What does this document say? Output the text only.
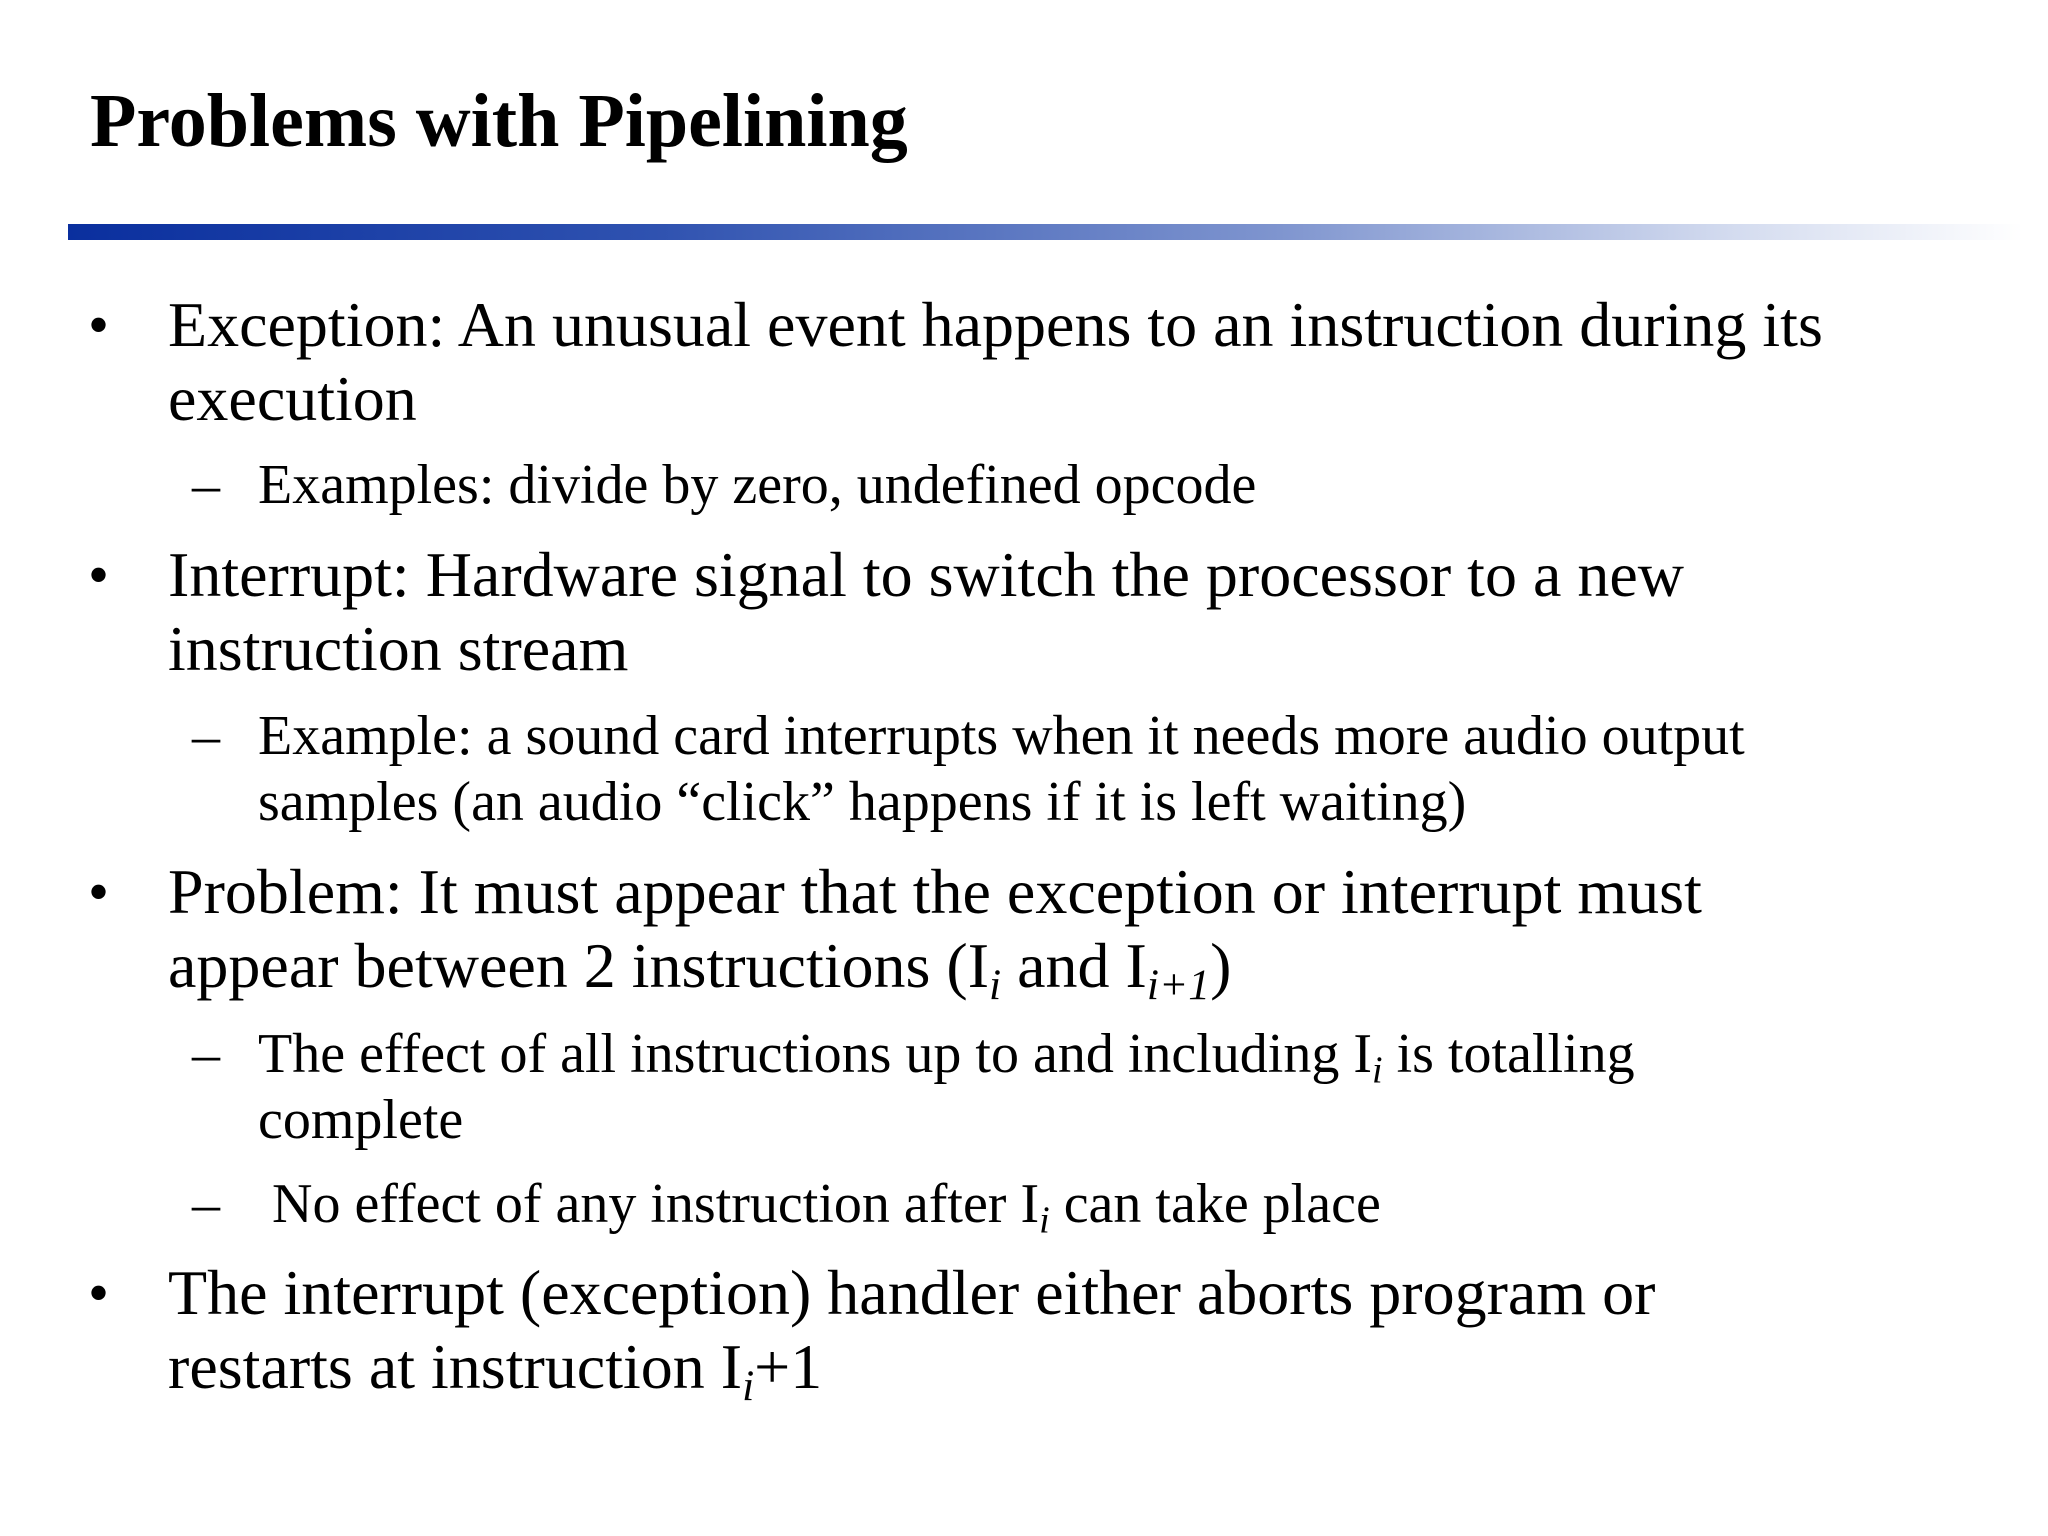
Problems with Pipelining
• Exception: An unusual event happens to an instruction during its

execution

– Examples: divide by zero, undefined opcode

• Interrupt: Hardware signal to switch the processor to a new

instruction stream

– Example: a sound card interrupts when it needs more audio output

samples (an audio “click” happens if it is left waiting)

• Problem: It must appear that the exception or interrupt must

appear between 2 instructions (Ii and Ii+1)

– The effect of all instructions up to and including Ii is totalling

complete

– No effect of any instruction after Ii can take place

• The interrupt (exception) handler either aborts program or

restarts at instruction Ii+1
